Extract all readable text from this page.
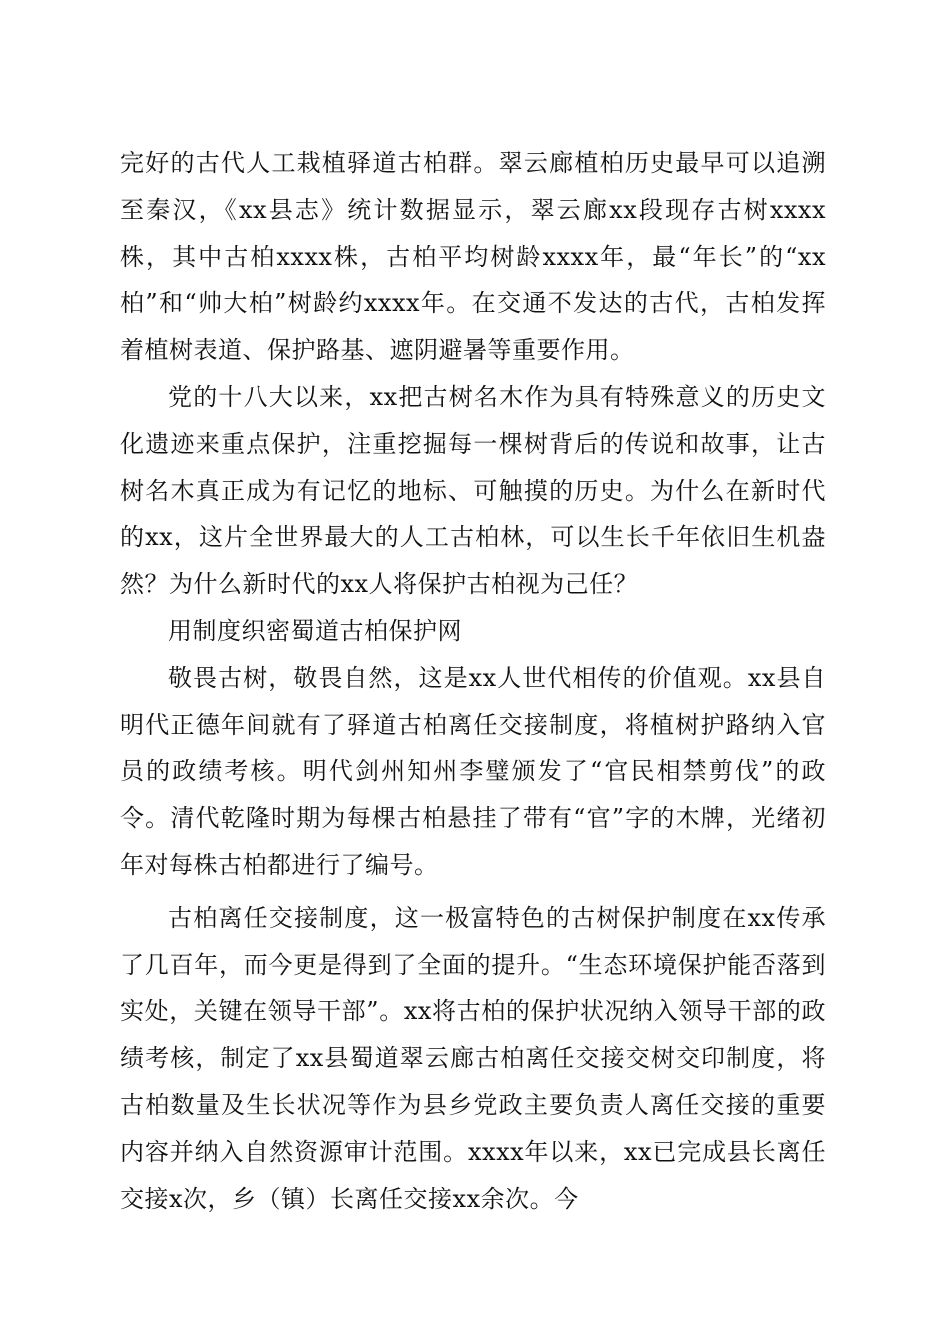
完好的古代人工栽植驿道古柏群。翠云廊植柏历史最早可以追溯至秦汉，《xx县志》统计数据显示，翠云廊xx段现存古树xxxx株，其中古柏xxxx株，古柏平均树龄xxxx年，最“年长”的“xx柏”和“帅大柏”树龄约xxxx年。在交通不发达的古代，古柏发挥着植树表道、保护路基、遮阴避暑等重要作用。

党的十八大以来，xx把古树名木作为具有特殊意义的历史文化遗迹来重点保护，注重挖掘每一棵树背后的传说和故事，让古树名木真正成为有记忆的地标、可触摸的历史。为什么在新时代的xx，这片全世界最大的人工古柏林，可以生长千年依旧生机盎然？为什么新时代的xx人将保护古柏视为己任？

用制度织密蜀道古柏保护网

敬畏古树，敬畏自然，这是xx人世代相传的价值观。xx县自明代正德年间就有了驿道古柏离任交接制度，将植树护路纳入官员的政绩考核。明代剑州知州李璧颁发了“官民相禁剪伐”的政令。清代乾隆时期为每棵古柏悬挂了带有“官”字的木牌，光绪初年对每株古柏都进行了编号。

古柏离任交接制度，这一极富特色的古树保护制度在xx传承了几百年，而今更是得到了全面的提升。“生态环境保护能否落到实处，关键在领导干部”。xx将古柏的保护状况纳入领导干部的政绩考核，制定了xx县蜀道翠云廊古柏离任交接交树交印制度，将古柏数量及生长状况等作为县乡党政主要负责人离任交接的重要内容并纳入自然资源审计范围。xxxx年以来，xx已完成县长离任交接x次，乡（镇）长离任交接xx余次。今
